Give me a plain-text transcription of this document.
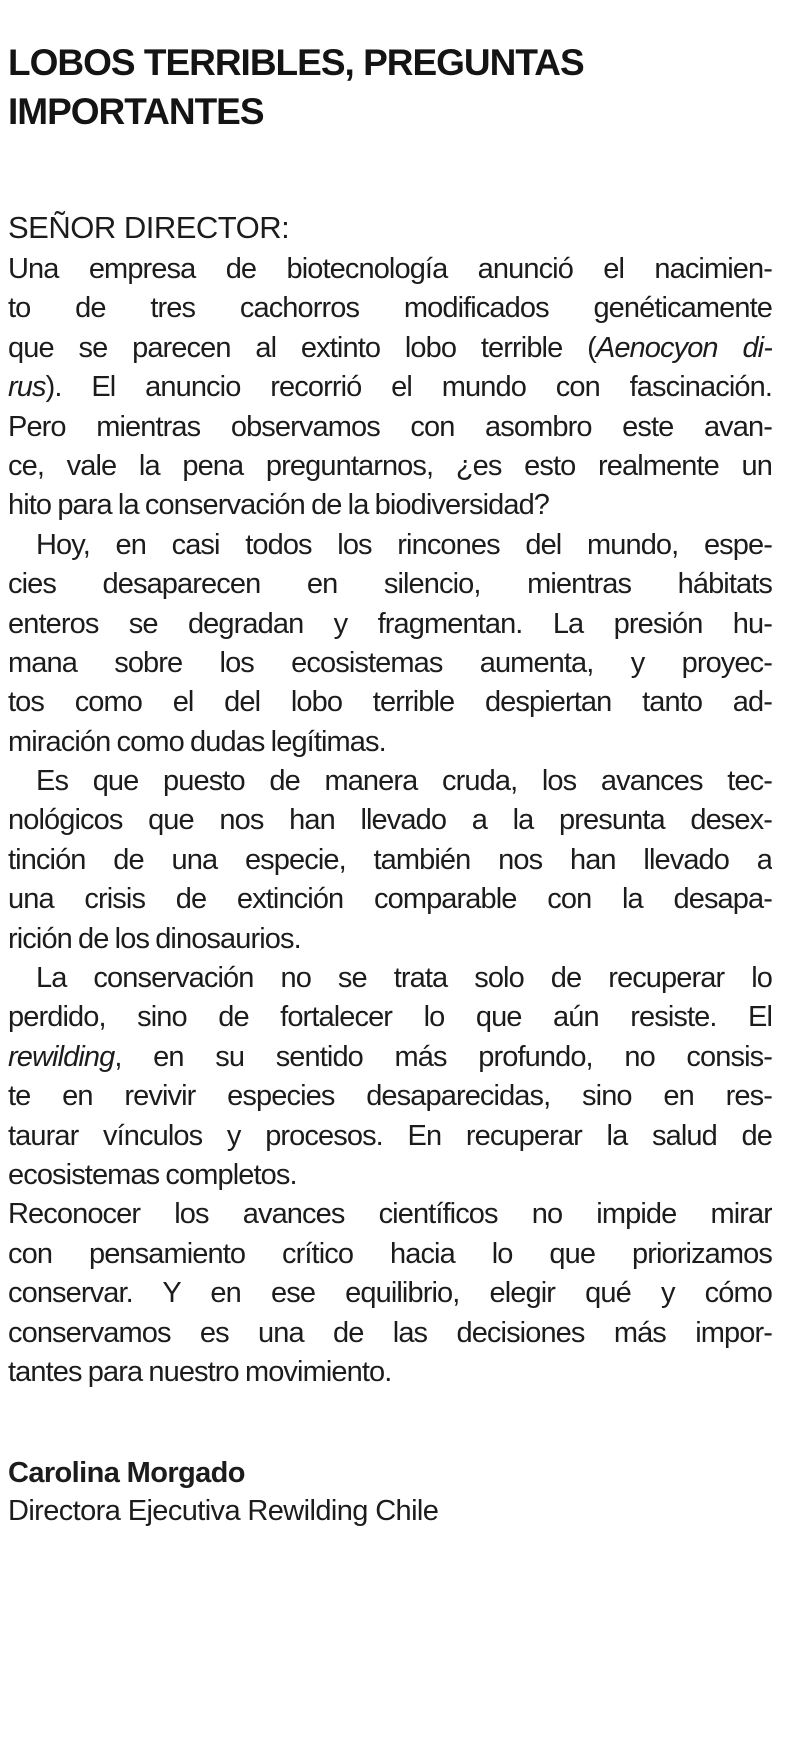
LOBOS TERRIBLES, PREGUNTAS
IMPORTANTES
SEÑOR DIRECTOR:
Una empresa de biotecnología anunció el nacimien-
to de tres cachorros modificados genéticamente
que se parecen al extinto lobo terrible (Aenocyon di-
rus). El anuncio recorrió el mundo con fascinación.
Pero mientras observamos con asombro este avan-
ce, vale la pena preguntarnos, ¿es esto realmente un
hito para la conservación de la biodiversidad?
Hoy, en casi todos los rincones del mundo, espe-
cies desaparecen en silencio, mientras hábitats
enteros se degradan y fragmentan. La presión hu-
mana sobre los ecosistemas aumenta, y proyec-
tos como el del lobo terrible despiertan tanto ad-
miración como dudas legítimas.
Es que puesto de manera cruda, los avances tec-
nológicos que nos han llevado a la presunta desex-
tinción de una especie, también nos han llevado a
una crisis de extinción comparable con la desapa-
rición de los dinosaurios.
La conservación no se trata solo de recuperar lo
perdido, sino de fortalecer lo que aún resiste. El
rewilding, en su sentido más profundo, no consis-
te en revivir especies desaparecidas, sino en res-
taurar vínculos y procesos. En recuperar la salud de
ecosistemas completos.
Reconocer los avances científicos no impide mirar
con pensamiento crítico hacia lo que priorizamos
conservar. Y en ese equilibrio, elegir qué y cómo
conservamos es una de las decisiones más impor-
tantes para nuestro movimiento.
Carolina Morgado
Directora Ejecutiva Rewilding Chile
